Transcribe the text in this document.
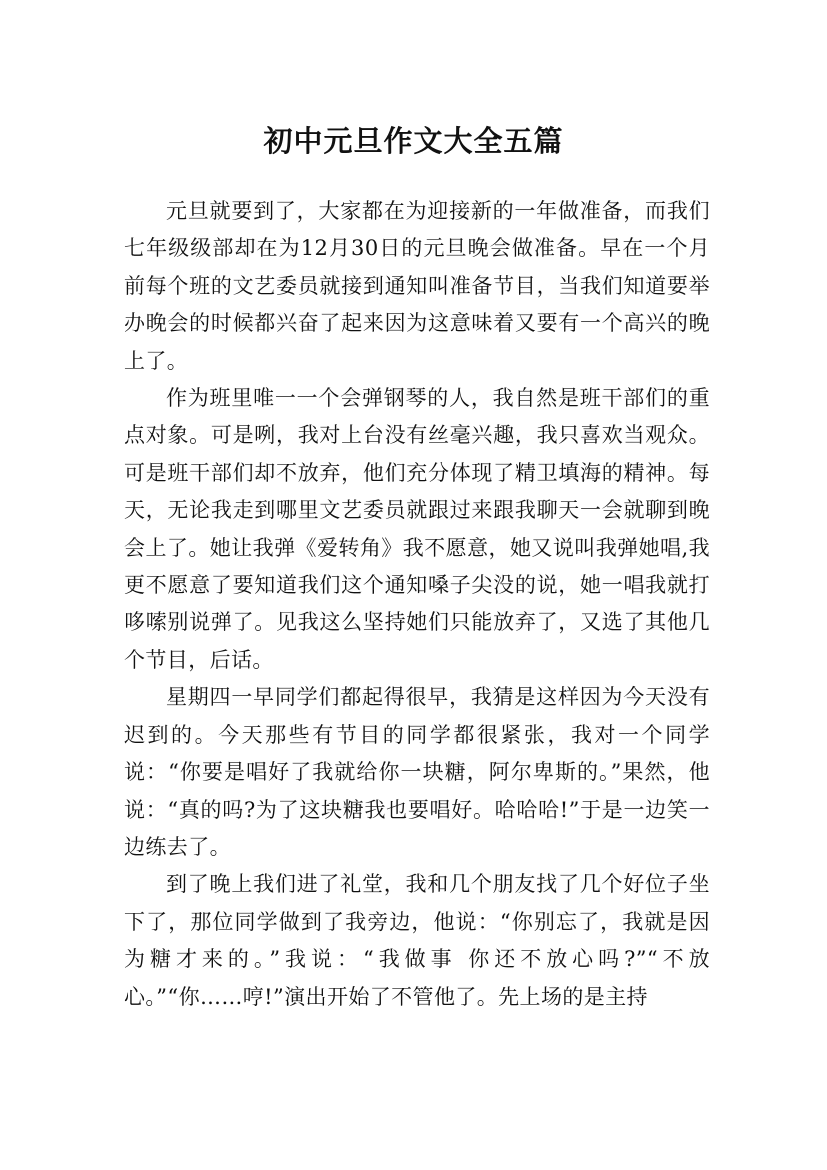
初中元旦作文大全五篇

元旦就要到了，大家都在为迎接新的一年做准备，而我们七年级级部却在为12月30日的元旦晚会做准备。早在一个月前每个班的文艺委员就接到通知叫准备节目，当我们知道要举办晚会的时候都兴奋了起来因为这意味着又要有一个高兴的晚上了。

作为班里唯一一个会弹钢琴的人，我自然是班干部们的重点对象。可是咧，我对上台没有丝毫兴趣，我只喜欢当观众。可是班干部们却不放弃，他们充分体现了精卫填海的精神。每天，无论我走到哪里文艺委员就跟过来跟我聊天一会就聊到晚会上了。她让我弹《爱转角》我不愿意，她又说叫我弹她唱,我更不愿意了要知道我们这个通知嗓子尖没的说，她一唱我就打哆嗦别说弹了。见我这么坚持她们只能放弃了，又选了其他几个节目，后话。

星期四一早同学们都起得很早，我猜是这样因为今天没有迟到的。今天那些有节目的同学都很紧张，我对一个同学说：“你要是唱好了我就给你一块糖，阿尔卑斯的。”果然，他说：“真的吗?为了这块糖我也要唱好。哈哈哈!”于是一边笑一边练去了。

到了晚上我们进了礼堂，我和几个朋友找了几个好位子坐下了，那位同学做到了我旁边，他说：“你别忘了，我就是因为糖才来的。”我说：“我做事 你还不放心吗?”“不放心。”“你……哼!”演出开始了不管他了。先上场的是主持
